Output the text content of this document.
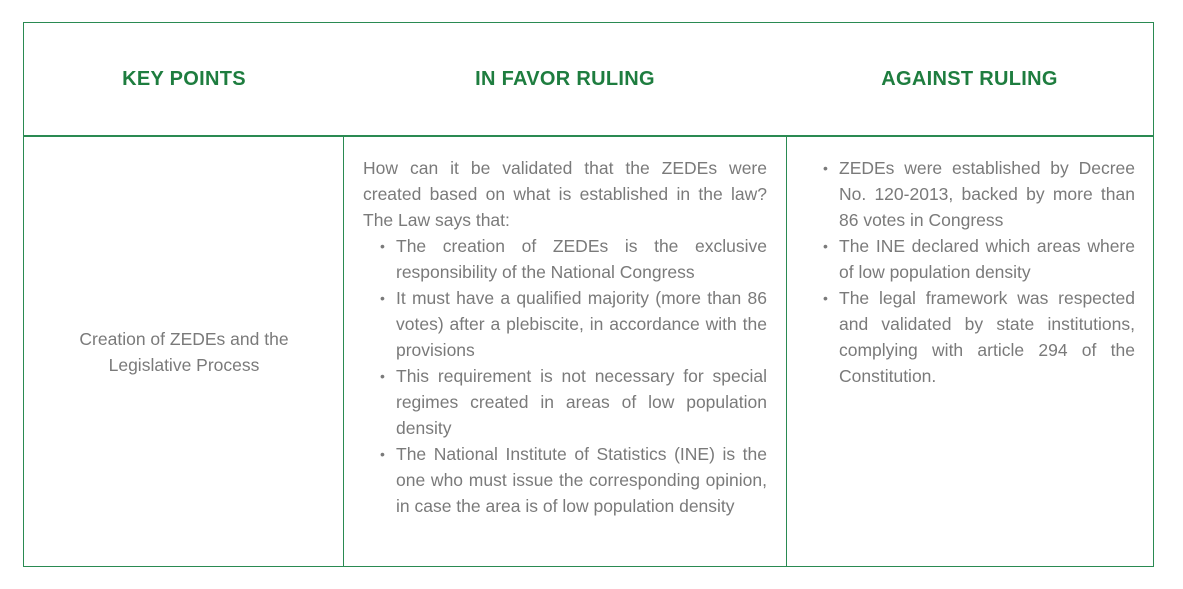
KEY POINTS	IN FAVOR RULING	AGAINST RULING
Creation of ZEDEs and the Legislative Process

How can it be validated that the ZEDEs were created based on what is established in the law? The Law says that:

• The creation of ZEDEs is the exclusive responsibility of the National Congress
• It must have a qualified majority (more than 86 votes) after a plebiscite, in accordance with the provisions
• This requirement is not necessary for special regimes created in areas of low population density
• The National Institute of Statistics (INE) is the one who must issue the corresponding opinion, in case the area is of low population density
• ZEDEs were established by Decree No. 120-2013, backed by more than 86 votes in Congress
• The INE declared which areas where of low population density
• The legal framework was respected and validated by state institutions, complying with article 294 of the Constitution.
